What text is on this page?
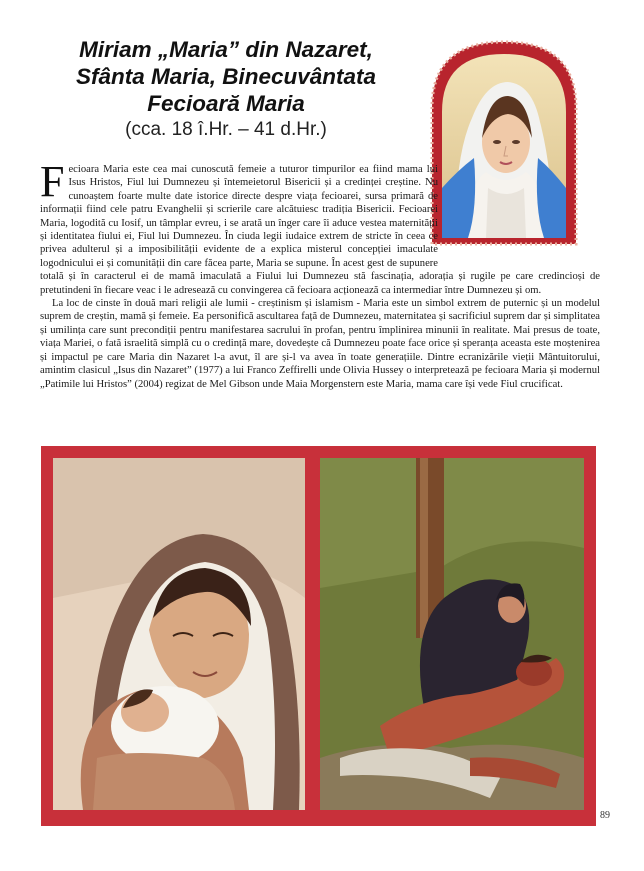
Miriam „Maria” din Nazaret,
Sfânta Maria, Binecuvântata
Fecioară Maria
(cca. 18 î.Hr. – 41 d.Hr.)
F ecioara Maria este cea mai cunoscută femeie a tuturor timpurilor ea fiind mama lui Isus Hristos, Fiul lui Dumnezeu și întemeietorul Bisericii și a credinței creștine. Nu cunoaștem foarte multe date istorice directe despre viața fecioarei, sursa primară de informații fiind cele patru Evanghelii și scrierile care alcătuiesc tradiția Bisericii. Fecioarei Maria, logodită cu Iosif, un tâmplar evreu, i se arată un înger care îi aduce vestea maternității și identitatea fiului ei, Fiul lui Dumnezeu. În ciuda legii iudaice extrem de stricte în ceea ce privea adulterul și a imposibilității evidente de a explica misterul concepției imaculate logodnicului ei și comunității din care făcea parte, Maria se supune. În acest gest de supunere totală și în caracterul ei de mamă imaculată a Fiului lui Dumnezeu stă fascinația, adorația și rugile pe care credincioși de pretutindeni în fiecare veac i le adresează cu convingerea că fecioara acționează ca intermediar între Dumnezeu și om.

La loc de cinste în două mari religii ale lumii - creștinism și islamism - Maria este un simbol extrem de puternic și un modelul suprem de creștin, mamă și femeie. Ea personifică ascultarea față de Dumnezeu, maternitatea și sacrificiul suprem dar și simplitatea și umilința care sunt precondiții pentru manifestarea sacrului în profan, pentru împlinirea minunii în realitate. Mai presus de toate, viața Mariei, o fată israelită simplă cu o credință mare, dovedește că Dumnezeu poate face orice și speranța aceasta este moștenirea și impactul pe care Maria din Nazaret l-a avut, îl are și-l va avea în toate generațiile. Dintre ecranizările vieții Mântuitorului, amintim clasicul „Isus din Nazaret” (1977) a lui Franco Zeffirelli unde Olivia Hussey o interpretează pe fecioara Maria și modernul „Patimile lui Hristos” (2004) regizat de Mel Gibson unde Maia Morgenstern este Maria, mama care își vede Fiul crucificat.

89
